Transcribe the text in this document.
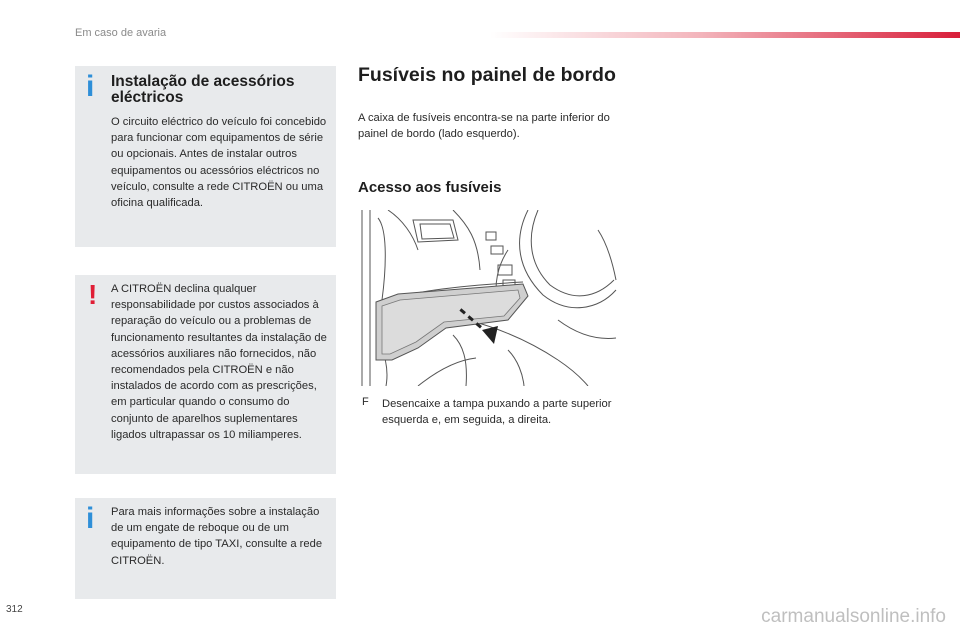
Em caso de avaria
i Instalação de acessórios eléctricos
O circuito eléctrico do veículo foi concebido para funcionar com equipamentos de série ou opcionais. Antes de instalar outros equipamentos ou acessórios eléctricos no veículo, consulte a rede CITROËN ou uma oficina qualificada.
! A CITROËN declina qualquer responsabilidade por custos associados à reparação do veículo ou a problemas de funcionamento resultantes da instalação de acessórios auxiliares não fornecidos, não recomendados pela CITROËN e não instalados de acordo com as prescrições, em particular quando o consumo do conjunto de aparelhos suplementares ligados ultrapassar os 10 miliamperes.
i Para mais informações sobre a instalação de um engate de reboque ou de um equipamento de tipo TAXI, consulte a rede CITROËN.
Fusíveis no painel de bordo
A caixa de fusíveis encontra-se na parte inferior do painel de bordo (lado esquerdo).
Acesso aos fusíveis
F Desencaixe a tampa puxando a parte superior esquerda e, em seguida, a direita.
312	carmanualsonline.info
